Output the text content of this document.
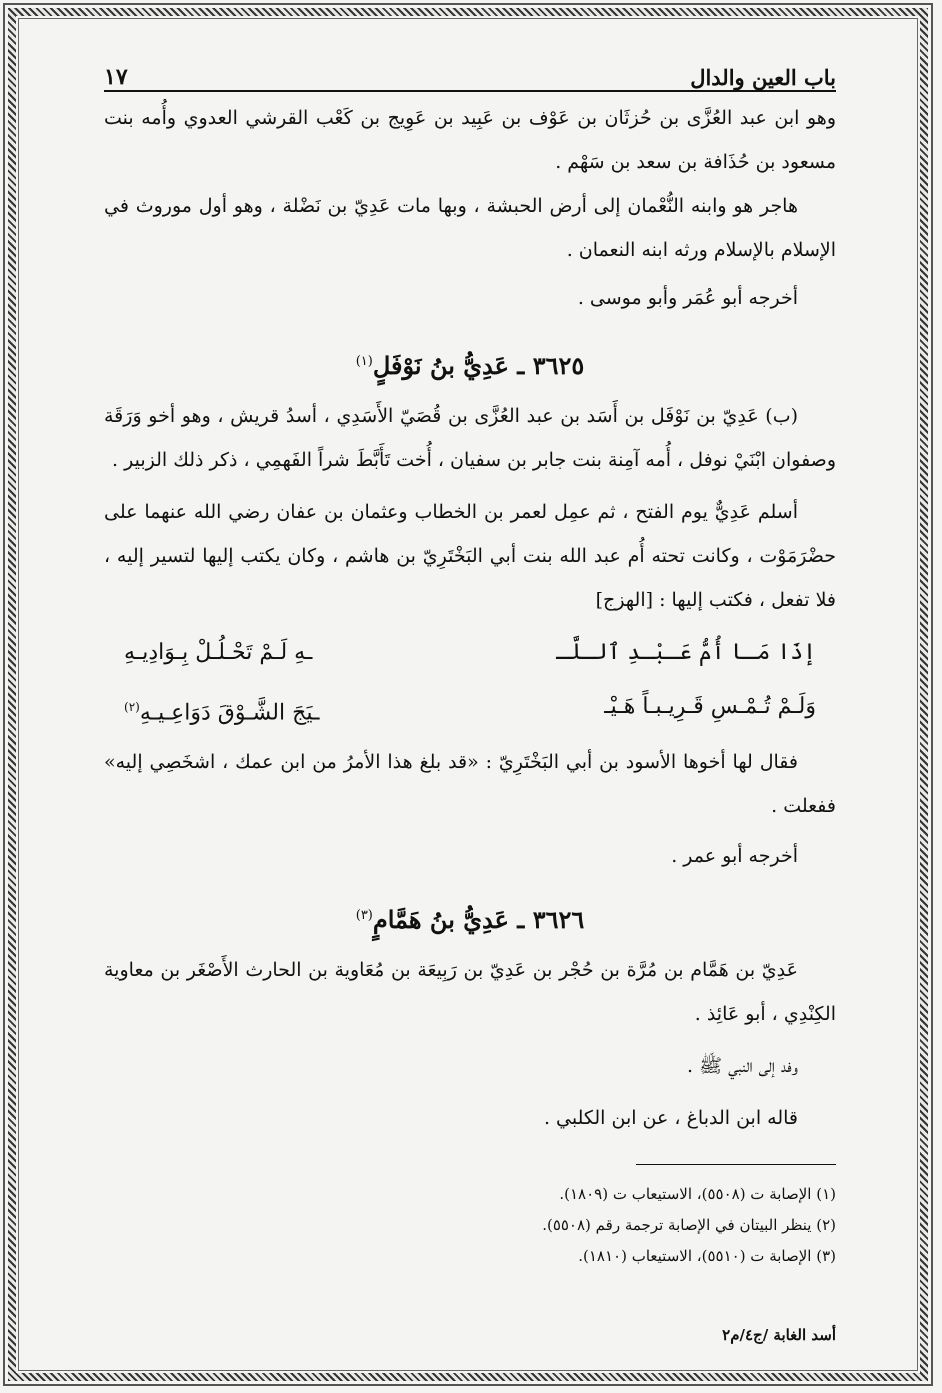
باب العين والدال
١٧

وهو ابن عبد العُزَّى بن حُزثَان بن عَوْف بن عَبِيد بن عَوِيج بن كَعْب القرشي العدوي وأُمه بنت مسعود بن حُذَافة بن سعد بن سَهْم .

هاجر هو وابنه النُّعْمان إلى أرض الحبشة ، وبها مات عَدِيّ بن نَضْلة ، وهو أول موروث في الإسلام بالإسلام ورثه ابنه النعمان .

أخرجه أبو عُمَر وأبو موسى .

٣٦٢٥ ـ عَدِيُّ بنُ نَوْفَلٍ$^{(١)}$

(ب) عَدِيّ بن نَوْفَل بن أَسَد بن عبد العُزَّى بن قُصَيّ الأَسَدِي ، أسدُ قريش ، وهو أخو وَرَقَة وصفوان ابْنَيْ نوفل ، أُمه آمِنة بنت جابر بن سفيان ، أُخت تَأَبَّطَ شراً الفَهمِي ، ذكر ذلك الزبير .

أسلم عَدِيٌّ يوم الفتح ، ثم عمِل لعمر بن الخطاب وعثمان بن عفان رضي الله عنهما على حضْرَمَوْت ، وكانت تحته أُم عبد الله بنت أبي البَخْتَرِيّ بن هاشم ، وكان يكتب إليها لتسير إليه ، فلا تفعل ، فكتب إليها : [الهزج]

إذَا مَـا أُمُّ عَـبْـدِ ٱلـلَّـ
ـهِ لَـمْ تَحْـلُـلْ بِـوَادِيـهِ
وَلَـمْ تُـمْـسِ قَـرِيـبـاً هَـيْـ
ـيَجَ الشَّـوْقَ دَوَاعِـيـهِ$^{(٢)}$

فقال لها أخوها الأسود بن أبي البَخْتَرِيّ : «قد بلغ هذا الأمرُ من ابن عمك ، اشخَصِي إليه» ففعلت .

أخرجه أبو عمر .

٣٦٢٦ ـ عَدِيُّ بنُ هَمَّامٍ$^{(٣)}$

عَدِيّ بن هَمَّام بن مُرَّة بن حُجْر بن عَدِيّ بن رَبِيعَة بن مُعَاوية بن الحارث الأَصْغَر بن معاوية الكِنْدِي ، أبو عَائِذ .

وفد إلى النبي ﷺ .

قاله ابن الدباغ ، عن ابن الكلبي .

(١) الإصابة ت (٥٥٠٨)، الاستيعاب ت (١٨٠٩).
(٢) ينظر البيتان في الإصابة ترجمة رقم (٥٥٠٨).
(٣) الإصابة ت (٥٥١٠)، الاستيعاب (١٨١٠).
أسد الغابة /ج٤/م٢
